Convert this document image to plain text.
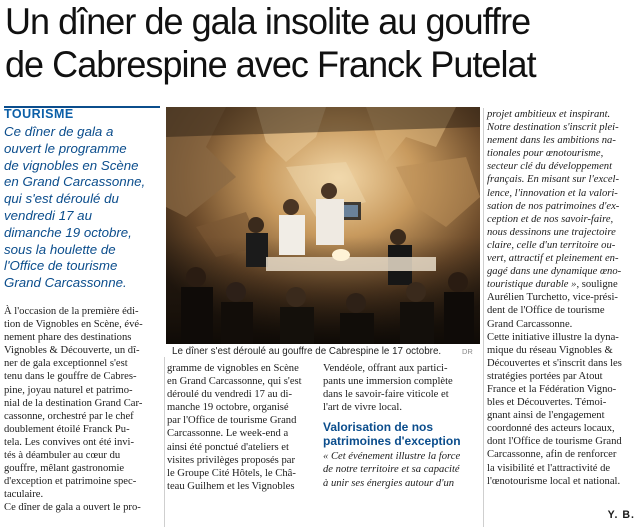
Un dîner de gala insolite au gouffre
de Cabrespine avec Franck Putelat
TOURISME
Ce dîner de gala a
ouvert le programme
de vignobles en Scène
en Grand Carcassonne,
qui s'est déroulé du
vendredi 17 au
dimanche 19 octobre,
sous la houlette de
l'Office de tourisme
Grand Carcassonne.
À l'occasion de la première édi-
tion de Vignobles en Scène, évé-
nement phare des destinations
Vignobles & Découverte, un dî-
ner de gala exceptionnel s'est
tenu dans le gouffre de Cabres-
pine, joyau naturel et patrimo-
nial de la destination Grand Car-
cassonne, orchestré par le chef
doublement étoilé Franck Pu-
tela. Les convives ont été invi-
tés à déambuler au cœur du
gouffre, mêlant gastronomie
d'exception et patrimoine spec-
taculaire.
Ce dîner de gala a ouvert le pro-
Le dîner s'est déroulé au gouffre de Cabrespine le 17 octobre.	DR
gramme de vignobles en Scène
en Grand Carcassonne, qui s'est
déroulé du vendredi 17 au di-
manche 19 octobre, organisé
par l'Office de tourisme Grand
Carcassonne. Le week-end a
ainsi été ponctué d'ateliers et
visites privilèges proposés par
le Groupe Cité Hôtels, le Châ-
teau Guilhem et les Vignobles
Vendéole, offrant aux partici-
pants une immersion complète
dans le savoir-faire viticole et
l'art de vivre local.
Valorisation de nos
patrimoines d'exception
« Cet événement illustre la force
de notre territoire et sa capacité
à unir ses énergies autour d'un
projet ambitieux et inspirant.
Notre destination s'inscrit plei-
nement dans les ambitions na-
tionales pour œnotourisme,
secteur clé du développement
français. En misant sur l'excel-
lence, l'innovation et la valori-
sation de nos patrimoines d'ex-
ception et de nos savoir-faire,
nous dessinons une trajectoire
claire, celle d'un territoire ou-
vert, attractif et pleinement en-
gagé dans une dynamique œno-
touristique durable », souligne
Aurélien Turchetto, vice-prési-
dent de l'Office de tourisme
Grand Carcassonne.
Cette initiative illustre la dyna-
mique du réseau Vignobles &
Découvertes et s'inscrit dans les
stratégies portées par Atout
France et la Fédération Vigno-
bles et Découvertes. Témoi-
gnant ainsi de l'engagement
coordonné des acteurs locaux,
dont l'Office de tourisme Grand
Carcassonne, afin de renforcer
la visibilité et l'attractivité de
l'œnotourisme local et national.
Y. B.
